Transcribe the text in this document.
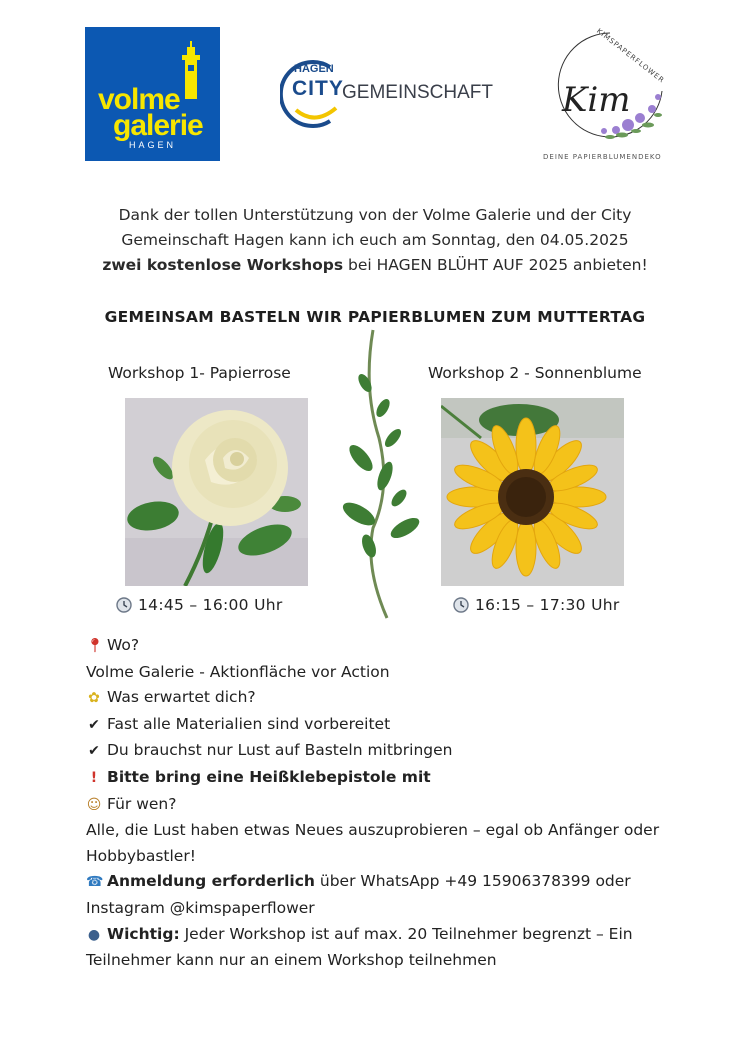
volme
galerie
HAGEN
HAGEN
CITY
GEMEINSCHAFT
KIMSPAPERFLOWER
Kim
DEINE PAPIERBLUMENDEKO
Dank der tollen Unterstützung von der Volme Galerie und der City
Gemeinschaft Hagen kann ich euch am Sonntag, den 04.05.2025
zwei kostenlose Workshops bei HAGEN BLÜHT AUF 2025 anbieten!
GEMEINSAM BASTELN WIR PAPIERBLUMEN ZUM MUTTERTAG
Workshop 1- Papierrose	Workshop 2 - Sonnenblume
14:45 – 16:00 Uhr	16:15 – 17:30 Uhr
📍︎ Wo?
Volme Galerie - Aktionfläche vor Action
✿ Was erwartet dich?
✔ Fast alle Materialien sind vorbereitet
✔ Du brauchst nur Lust auf Basteln mitbringen
! Bitte bring eine Heißklebepistole mit
☺ Für wen?
Alle, die Lust haben etwas Neues auszuprobieren – egal ob Anfänger oder
Hobbybastler!
☎ Anmeldung erforderlich über WhatsApp +49 15906378399 oder
Instagram @kimspaperflower
● Wichtig: Jeder Workshop ist auf max. 20 Teilnehmer begrenzt – Ein
Teilnehmer kann nur an einem Workshop teilnehmen
